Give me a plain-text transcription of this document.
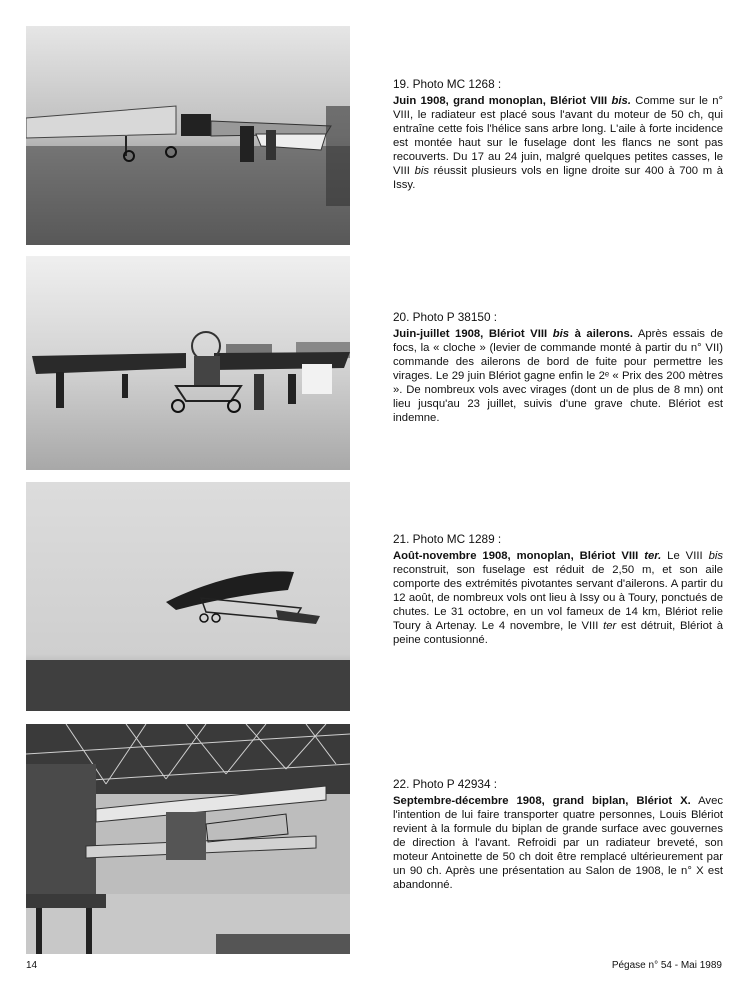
19. Photo MC 1268 :
Juin 1908, grand monoplan, Blériot VIII bis. Comme sur le n° VIII, le radiateur est placé sous l'avant du moteur de 50 ch, qui entraîne cette fois l'hélice sans arbre long. L'aile à forte incidence est montée haut sur le fuselage dont les flancs ne sont pas recouverts. Du 17 au 24 juin, malgré quelques petites casses, le VIII bis réussit plusieurs vols en ligne droite sur 400 à 700 m à Issy.
20. Photo P 38150 :
Juin-juillet 1908, Blériot VIII bis à ailerons. Après essais de focs, la « cloche » (levier de commande monté à partir du n° VII) commande des ailerons de bord de fuite pour permettre les virages. Le 29 juin Blériot gagne enfin le 2ᵉ « Prix des 200 mètres ». De nombreux vols avec virages (dont un de plus de 8 mn) ont lieu jusqu'au 23 juillet, suivis d'une grave chute. Blériot est indemne.
21. Photo MC 1289 :
Août-novembre 1908, monoplan, Blériot VIII ter. Le VIII bis reconstruit, son fuselage est réduit de 2,50 m, et son aile comporte des extrémités pivotantes servant d'ailerons. A partir du 12 août, de nombreux vols ont lieu à Issy ou à Toury, ponctués de chutes. Le 31 octobre, en un vol fameux de 14 km, Blériot relie Toury à Artenay. Le 4 novembre, le VIII ter est détruit, Blériot à peine contusionné.
22. Photo P 42934 :
Septembre-décembre 1908, grand biplan, Blériot X. Avec l'intention de lui faire transporter quatre personnes, Louis Blériot revient à la formule du biplan de grande surface avec gouvernes de direction à l'avant. Refroidi par un radiateur breveté, son moteur Antoinette de 50 ch doit être remplacé ultérieurement par un 90 ch. Après une présentation au Salon de 1908, le n° X est abandonné.
14	Pégase n° 54 - Mai 1989
